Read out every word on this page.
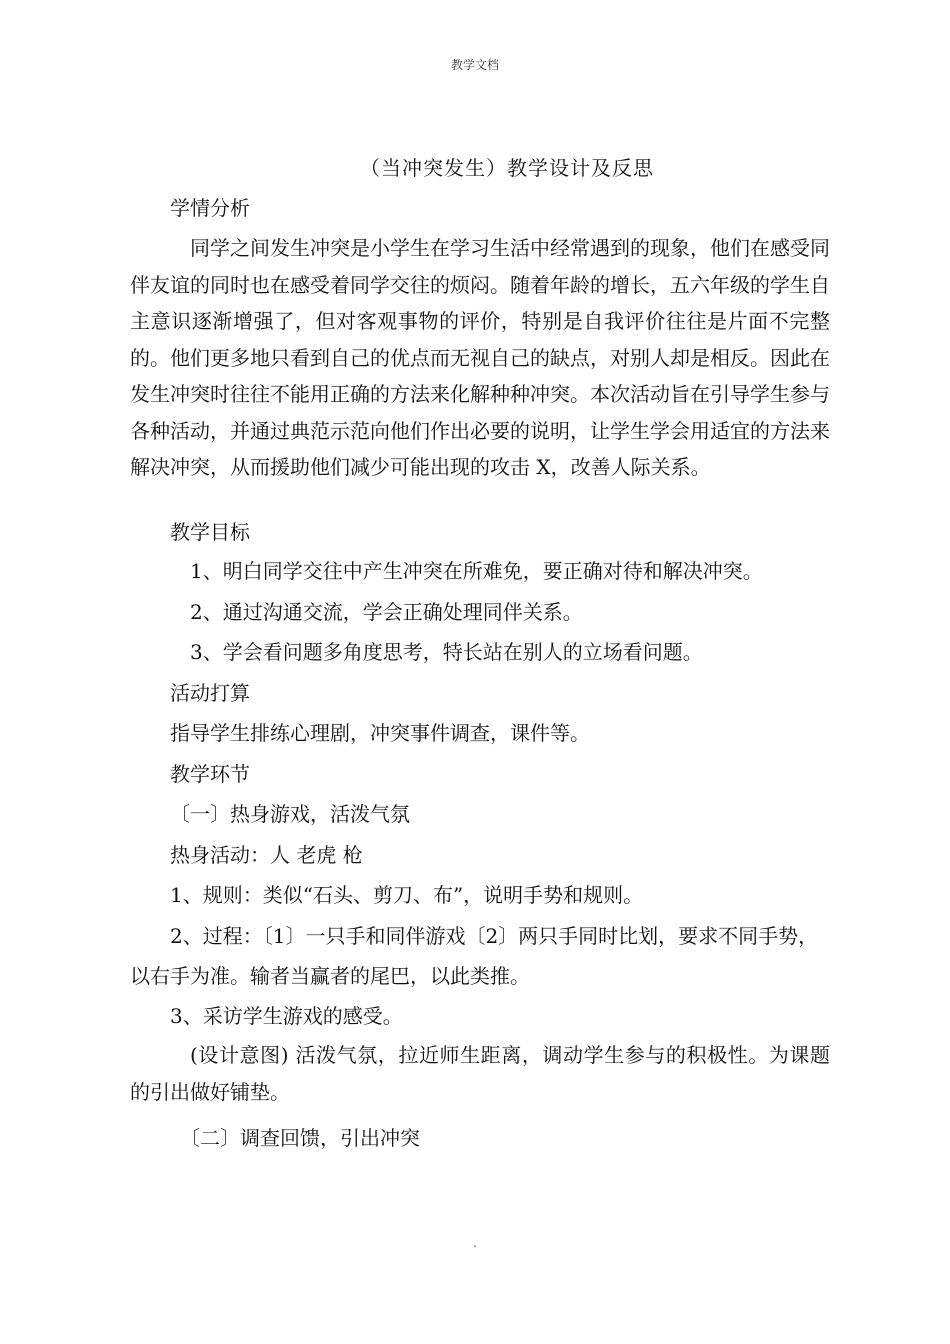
教学文档
（当冲突发生）教学设计及反思
学情分析
同学之间发生冲突是小学生在学习生活中经常遇到的现象，他们在感受同伴友谊的同时也在感受着同学交往的烦闷。随着年龄的增长，五六年级的学生自主意识逐渐增强了，但对客观事物的评价，特别是自我评价往往是片面不完整的。他们更多地只看到自己的优点而无视自己的缺点，对别人却是相反。因此在发生冲突时往往不能用正确的方法来化解种种冲突。本次活动旨在引导学生参与各种活动，并通过典范示范向他们作出必要的说明，让学生学会用适宜的方法来解决冲突，从而援助他们减少可能出现的攻击 X，改善人际关系。
教学目标
1、明白同学交往中产生冲突在所难免，要正确对待和解决冲突。
2、通过沟通交流，学会正确处理同伴关系。
3、学会看问题多角度思考，特长站在别人的立场看问题。
活动打算
指导学生排练心理剧，冲突事件调查，课件等。
教学环节
〔一〕热身游戏，活泼气氛
热身活动：人 老虎 枪
1、规则：类似“石头、剪刀、布”，说明手势和规则。
2、过程：〔1〕一只手和同伴游戏〔2〕两只手同时比划，要求不同手势，
以右手为准。输者当赢者的尾巴，以此类推。
3、采访学生游戏的感受。
(设计意图) 活泼气氛，拉近师生距离，调动学生参与的积极性。为课题的引出做好铺垫。
〔二〕调查回馈，引出冲突
.
